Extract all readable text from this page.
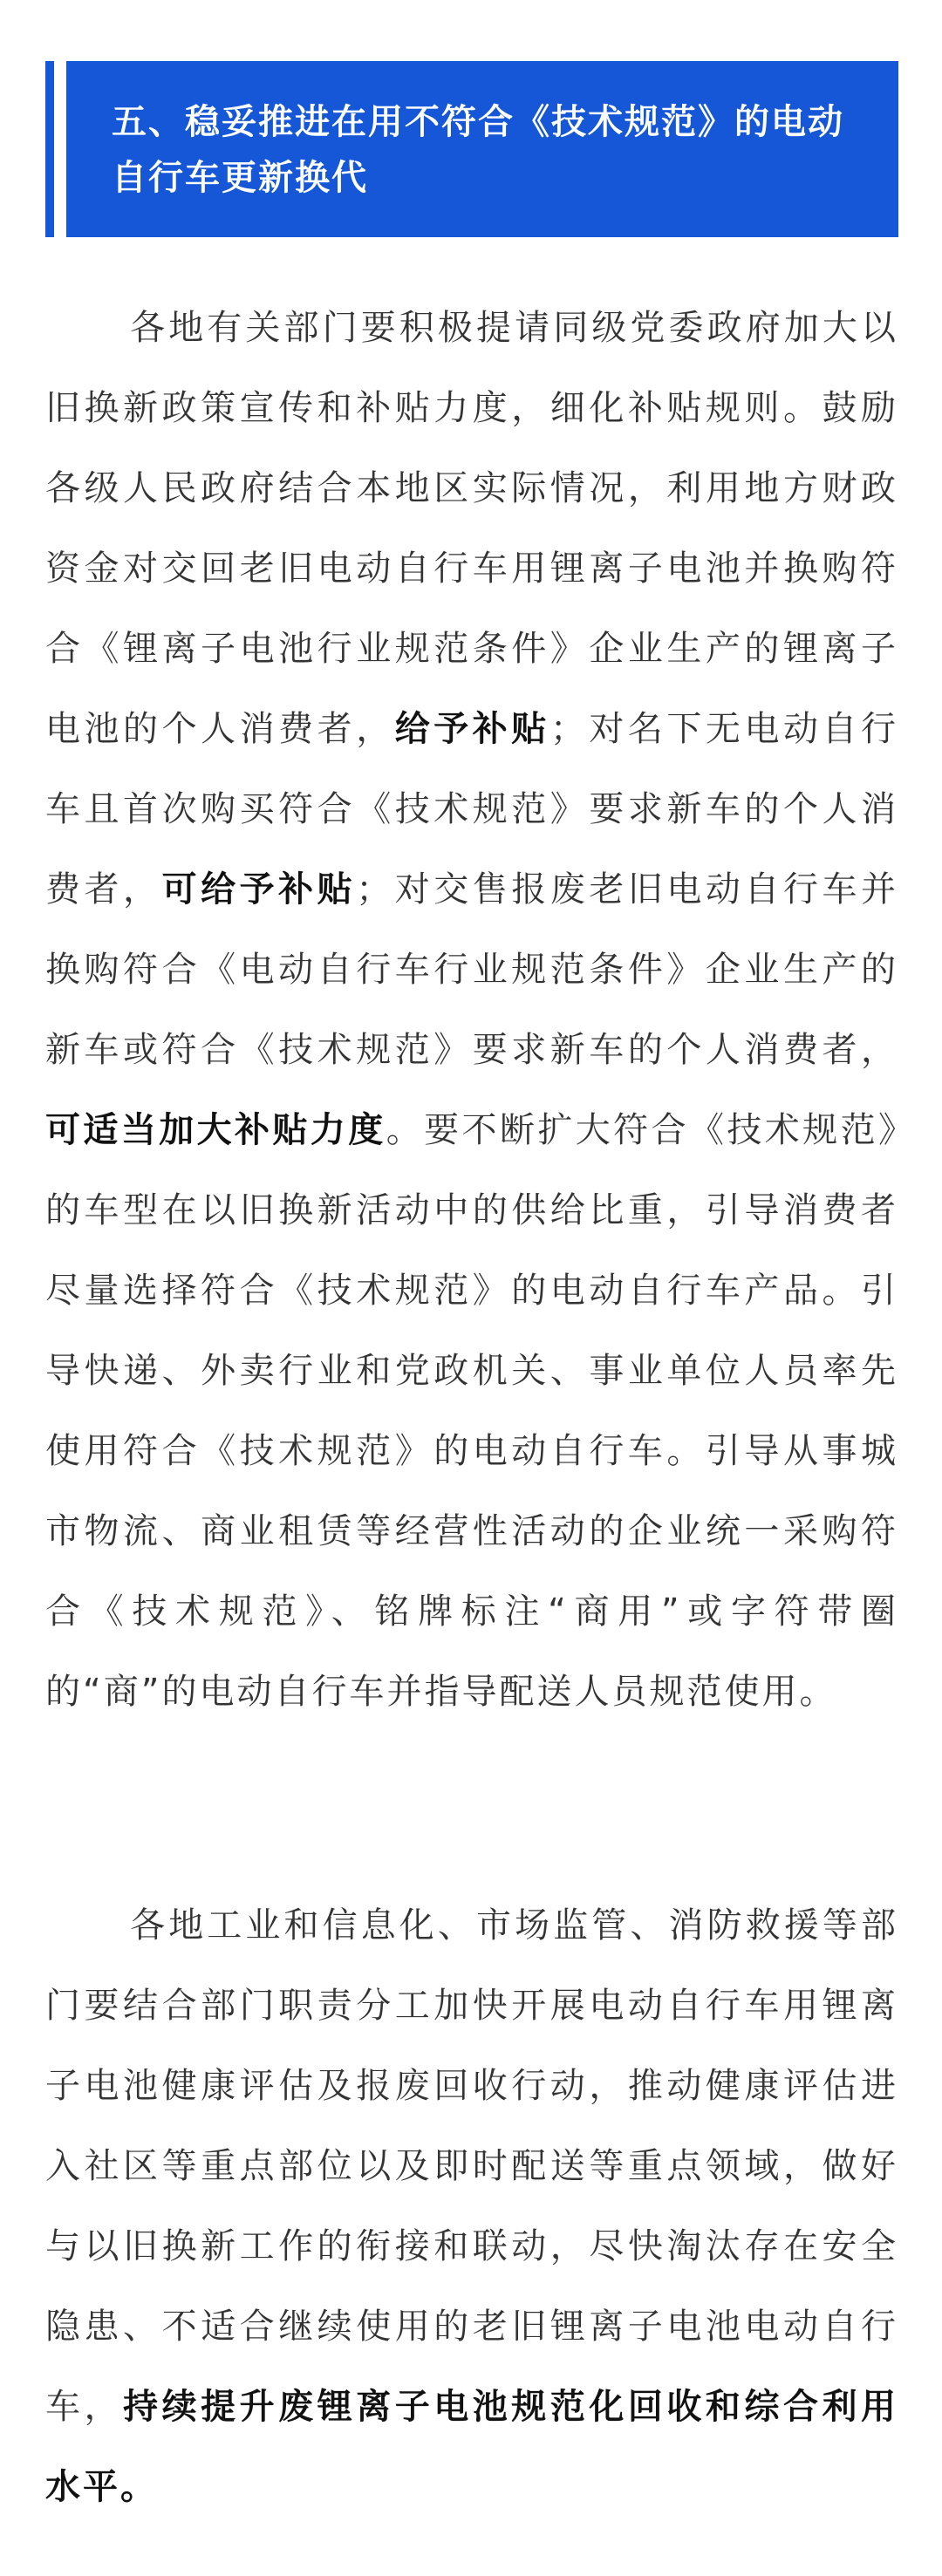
五、稳妥推进在用不符合《技术规范》的电动自行车更新换代

各地有关部门要积极提请同级党委政府加大以旧换新政策宣传和补贴力度，细化补贴规则。鼓励各级人民政府结合本地区实际情况，利用地方财政资金对交回老旧电动自行车用锂离子电池并换购符合《锂离子电池行业规范条件》企业生产的锂离子电池的个人消费者，给予补贴；对名下无电动自行车且首次购买符合《技术规范》要求新车的个人消费者，可给予补贴；对交售报废老旧电动自行车并换购符合《电动自行车行业规范条件》企业生产的新车或符合《技术规范》要求新车的个人消费者，可适当加大补贴力度。要不断扩大符合《技术规范》的车型在以旧换新活动中的供给比重，引导消费者尽量选择符合《技术规范》的电动自行车产品。引导快递、外卖行业和党政机关、事业单位人员率先使用符合《技术规范》的电动自行车。引导从事城市物流、商业租赁等经营性活动的企业统一采购符合《技术规范》、铭牌标注“商用”或字符带圈的“商”的电动自行车并指导配送人员规范使用。

各地工业和信息化、市场监管、消防救援等部门要结合部门职责分工加快开展电动自行车用锂离子电池健康评估及报废回收行动，推动健康评估进入社区等重点部位以及即时配送等重点领域，做好与以旧换新工作的衔接和联动，尽快淘汰存在安全隐患、不适合继续使用的老旧锂离子电池电动自行车，持续提升废锂离子电池规范化回收和综合利用水平。
